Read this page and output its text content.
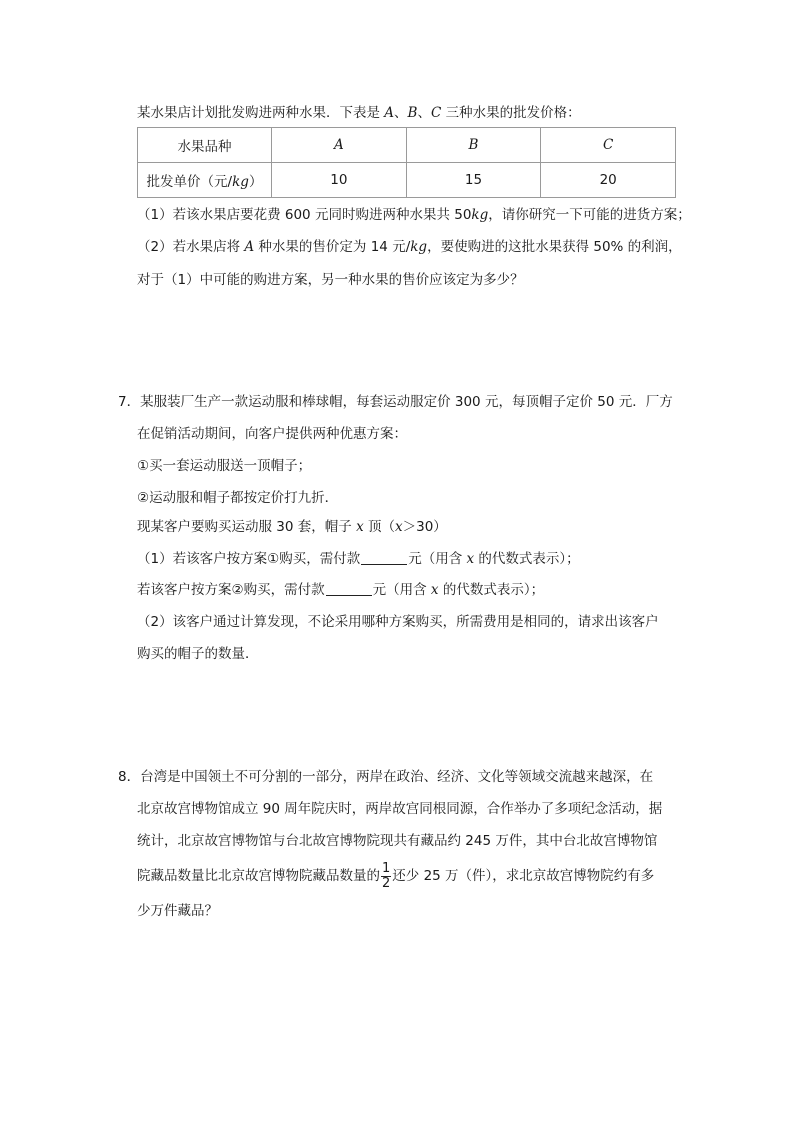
某水果店计划批发购进两种水果．下表是 A、B、C 三种水果的批发价格：
水果品种	A	B	C
批发单价（元/kg）	10	15	20
（1）若该水果店要花费 600 元同时购进两种水果共 50kg，请你研究一下可能的进货方案；
（2）若水果店将 A 种水果的售价定为 14 元/kg，要使购进的这批水果获得 50% 的利润，
对于（1）中可能的购进方案，另一种水果的售价应该定为多少？
7．某服装厂生产一款运动服和棒球帽，每套运动服定价 300 元，每顶帽子定价 50 元．厂方
在促销活动期间，向客户提供两种优惠方案：
①买一套运动服送一顶帽子；
②运动服和帽子都按定价打九折．
现某客户要购买运动服 30 套，帽子 x 顶（x＞30）
（1）若该客户按方案①购买，需付款	元（用含 x 的代数式表示）；
若该客户按方案②购买，需付款	元（用含 x 的代数式表示）；
（2）该客户通过计算发现，不论采用哪种方案购买，所需费用是相同的，请求出该客户
购买的帽子的数量．
8．台湾是中国领土不可分割的一部分，两岸在政治、经济、文化等领域交流越来越深，在
北京故宫博物馆成立 90 周年院庆时，两岸故宫同根同源，合作举办了多项纪念活动，据
统计，北京故宫博物馆与台北故宫博物院现共有藏品约 245 万件，其中台北故宫博物馆
院藏品数量比北京故宫博物院藏品数量的 $\frac{1}{2}$ 还少 25 万（件），求北京故宫博物院约有多
少万件藏品？
